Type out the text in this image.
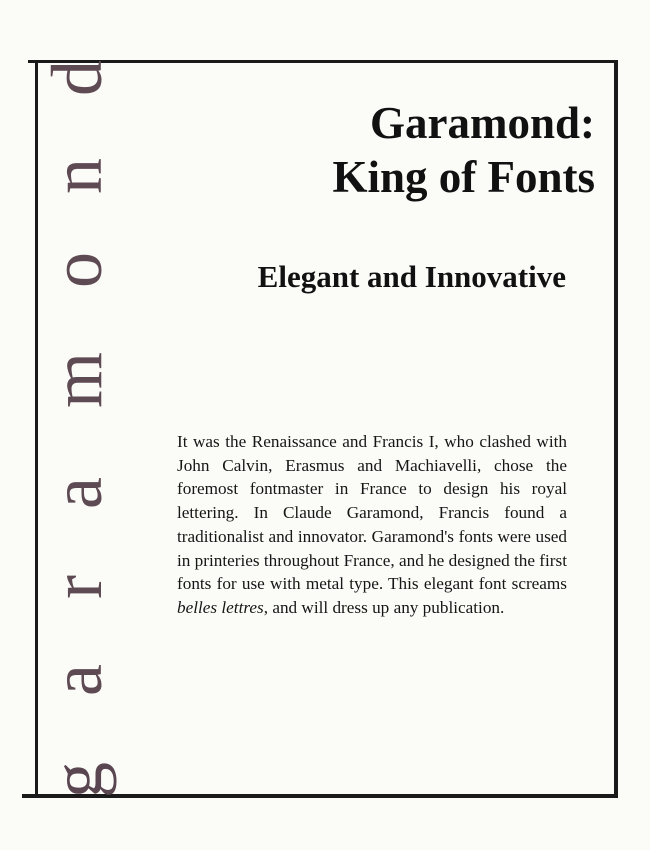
g
a
r
a
m
o
n
d
Garamond:
King of Fonts
Elegant and Innovative
It was the Renaissance and Francis I, who clashed with John Calvin, Erasmus and Machiavelli, chose the foremost fontmaster in France to design his royal lettering. In Claude Garamond, Francis found a traditionalist and innovator. Garamond's fonts were used in printeries throughout France, and he designed the first fonts for use with metal type. This elegant font screams belles lettres, and will dress up any publication.
